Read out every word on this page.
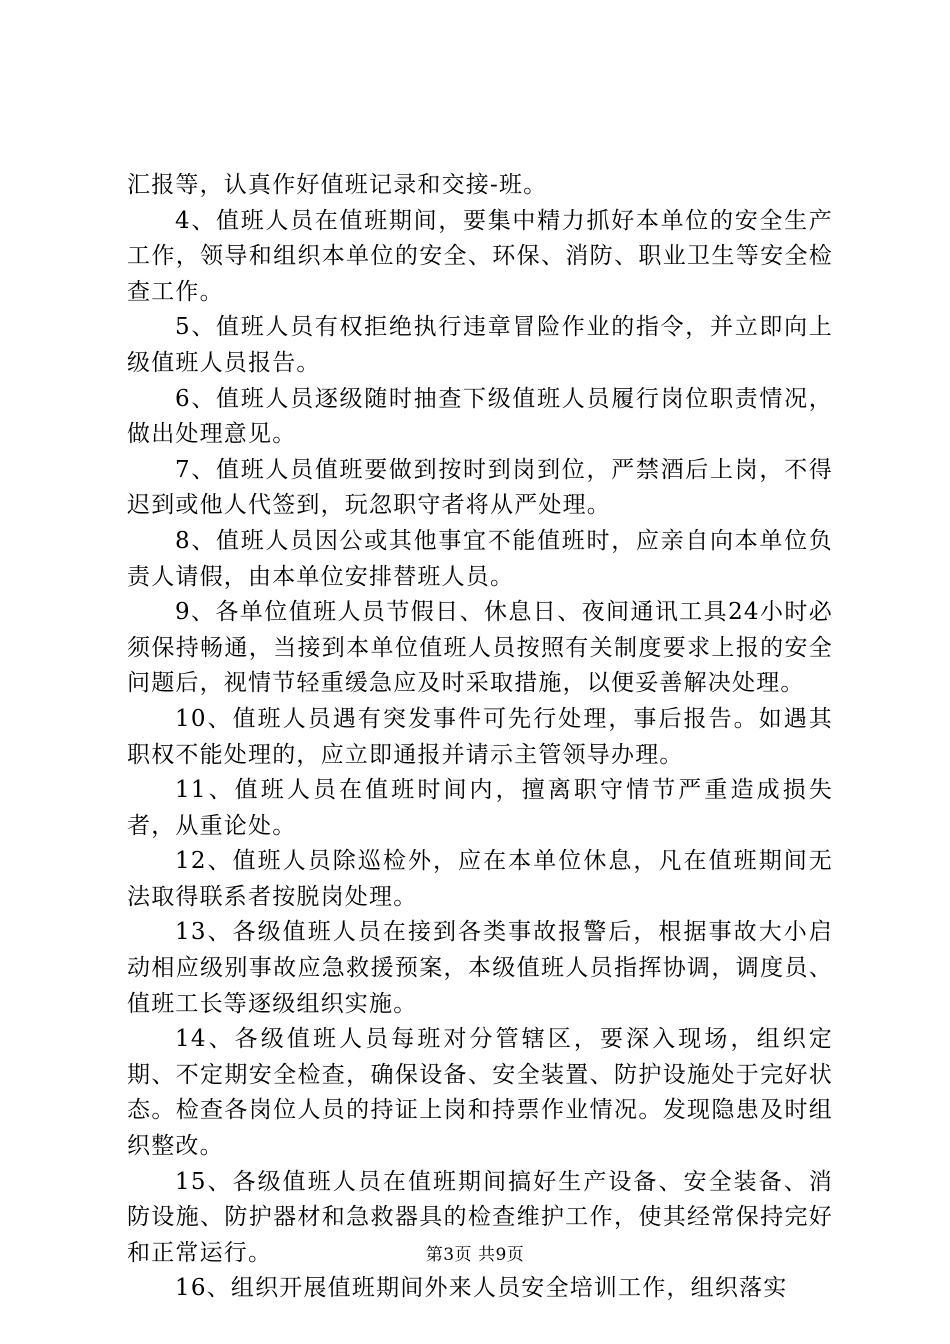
汇报等，认真作好值班记录和交接-班。

4、值班人员在值班期间，要集中精力抓好本单位的安全生产工作，领导和组织本单位的安全、环保、消防、职业卫生等安全检查工作。

5、值班人员有权拒绝执行违章冒险作业的指令，并立即向上级值班人员报告。

6、值班人员逐级随时抽查下级值班人员履行岗位职责情况，做出处理意见。

7、值班人员值班要做到按时到岗到位，严禁酒后上岗，不得迟到或他人代签到，玩忽职守者将从严处理。

8、值班人员因公或其他事宜不能值班时，应亲自向本单位负责人请假，由本单位安排替班人员。

9、各单位值班人员节假日、休息日、夜间通讯工具24小时必须保持畅通，当接到本单位值班人员按照有关制度要求上报的安全问题后，视情节轻重缓急应及时采取措施，以便妥善解决处理。

10、值班人员遇有突发事件可先行处理，事后报告。如遇其职权不能处理的，应立即通报并请示主管领导办理。

11、值班人员在值班时间内，擅离职守情节严重造成损失者，从重论处。

12、值班人员除巡检外，应在本单位休息，凡在值班期间无法取得联系者按脱岗处理。

13、各级值班人员在接到各类事故报警后，根据事故大小启动相应级别事故应急救援预案，本级值班人员指挥协调，调度员、值班工长等逐级组织实施。

14、各级值班人员每班对分管辖区，要深入现场，组织定期、不定期安全检查，确保设备、安全装置、防护设施处于完好状态。检查各岗位人员的持证上岗和持票作业情况。发现隐患及时组织整改。

15、各级值班人员在值班期间搞好生产设备、安全装备、消防设施、防护器材和急救器具的检查维护工作，使其经常保持完好和正常运行。

16、组织开展值班期间外来人员安全培训工作，组织落实

第3页 共9页
